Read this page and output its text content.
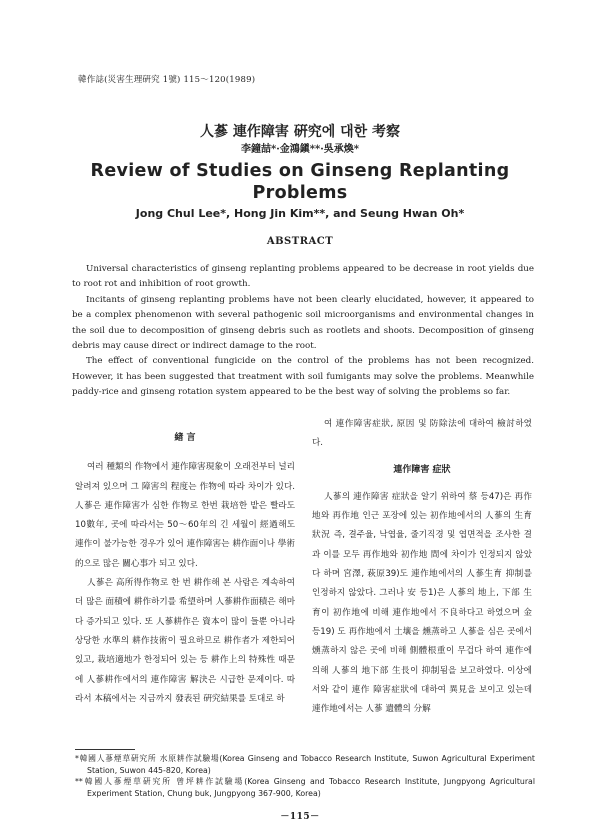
韓作誌(災害生理硏究 1號) 115～120(1989)

人蔘 連作障害 硏究에 대한 考察

李鐘喆*·金鴻鎭**·吳承煥*

Review of Studies on Ginseng Replanting Problems

Jong Chul Lee*, Hong Jin Kim**, and Seung Hwan Oh*

ABSTRACT

Universal characteristics of ginseng replanting problems appeared to be decrease in root yields due to root rot and inhibition of root growth.

Incitants of ginseng replanting problems have not been clearly elucidated, however, it appeared to be a complex phenomenon with several pathogenic soil microorganisms and environmental changes in the soil due to decomposition of ginseng debris such as rootlets and shoots. Decomposition of ginseng debris may cause direct or indirect damage to the root.

The effect of conventional fungicide on the control of the problems has not been recognized. However, it has been suggested that treatment with soil fumigants may solve the problems. Meanwhile paddy-rice and ginseng rotation system appeared to be the best way of solving the problems so far.

緖 言

여러 種類의 作物에서 連作障害現象이 오래전부터 널리 알려져 있으며 그 障害의 程度는 作物에 따라 차이가 있다. 人蔘은 連作障害가 심한 作物로 한번 栽培한 밭은 빨라도 10數年, 곳에 따라서는 50～60年의 긴 세월이 經過해도 連作이 불가능한 경우가 있어 連作障害는 耕作面이나 學術的으로 많은 關心事가 되고 있다.

人蔘은 高所得作物로 한 번 耕作해 본 사람은 계속하여 더 많은 面積에 耕作하기를 希望하며 人蔘耕作面積은 해마다 증가되고 있다. 또 人蔘耕作은 資本이 많이 들뿐 아니라 상당한 水準의 耕作技術이 필요하므로 耕作者가 제한되어 있고, 栽培適地가 한정되어 있는 등 耕作上의 特殊性 때문에 人蔘耕作에서의 連作障害 解決은 시급한 문제이다. 따라서 本稿에서는 지금까지 發表된 硏究結果를 토대로 하

여 連作障害症狀, 原因 및 防除法에 대하여 檢討하였다.

連作障害 症狀

人蔘의 連作障害 症狀을 알기 위하여 蔡 등47)은 再作地와 再作地 인근 포장에 있는 初作地에서의 人蔘의 生育狀況 즉, 결주율, 낙엽율, 줄기직경 및 엽면적을 조사한 결과 이를 모두 再作地와 初作地 間에 차이가 인정되지 않았다 하며 宮澤, 萩原39)도 連作地에서의 人蔘生育 抑制를 인정하지 않았다. 그러나 安 등1)은 人蔘의 地上, 下部 生育이 初作地에 비해 連作地에서 不良하다고 하였으며 金 등19) 도 再作地에서 土壤을 燻蒸하고 人蔘을 심은 곳에서 燻蒸하지 않은 곳에 비해 側體根重이 무겁다 하여 連作에 의해 人蔘의 地下部 生長이 抑制됨을 보고하였다. 이상에서와 같이 連作 障害症狀에 대하여 異見을 보이고 있는데 連作地에서는 人蔘 遺體의 分解

*韓國人蔘煙草硏究所 水原耕作試驗場(Korea Ginseng and Tobacco Research Institute, Suwon Agricultural Experiment Station, Suwon 445-820, Korea)

**韓國人蔘煙草硏究所 曾坪耕作試驗場(Korea Ginseng and Tobacco Research Institute, Jungpyong Agricultural Experiment Station, Chung buk, Jungpyong 367-900, Korea)

－115－
